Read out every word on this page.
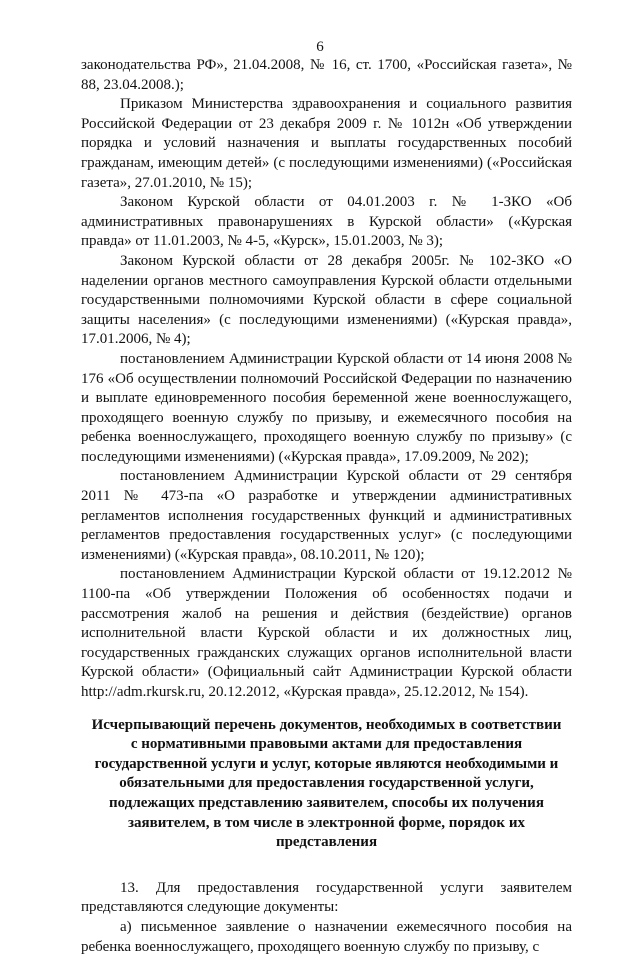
6

законодательства РФ», 21.04.2008, № 16, ст. 1700, «Российская газета», № 88, 23.04.2008.);

Приказом Министерства здравоохранения и социального развития Российской Федерации от 23 декабря 2009 г. № 1012н «Об утверждении порядка и условий назначения и выплаты государственных пособий гражданам, имеющим детей» (с последующими изменениями) («Российская газета», 27.01.2010, № 15);

Законом Курской области от 04.01.2003 г. № 1-ЗКО «Об административных правонарушениях в Курской области» («Курская правда» от 11.01.2003, № 4-5, «Курск», 15.01.2003, № 3);

Законом Курской области от 28 декабря 2005г. № 102-ЗКО «О наделении органов местного самоуправления Курской области отдельными государственными полномочиями Курской области в сфере социальной защиты населения» (с последующими изменениями) («Курская правда», 17.01.2006, № 4);

постановлением Администрации Курской области от 14 июня 2008 № 176 «Об осуществлении полномочий Российской Федерации по назначению и выплате единовременного пособия беременной жене военнослужащего, проходящего военную службу по призыву, и ежемесячного пособия на ребенка военнослужащего, проходящего военную службу по призыву» (с последующими изменениями) («Курская правда», 17.09.2009, № 202);

постановлением Администрации Курской области от 29 сентября 2011 № 473-па «О разработке и утверждении административных регламентов исполнения государственных функций и административных регламентов предоставления государственных услуг» (с последующими изменениями) («Курская правда», 08.10.2011, № 120);

постановлением Администрации Курской области от 19.12.2012 № 1100-па «Об утверждении Положения об особенностях подачи и рассмотрения жалоб на решения и действия (бездействие) органов исполнительной власти Курской области и их должностных лиц, государственных гражданских служащих органов исполнительной власти Курской области» (Официальный сайт Администрации Курской области http://adm.rkursk.ru, 20.12.2012, «Курская правда», 25.12.2012, № 154).

Исчерпывающий перечень документов, необходимых в соответствии с нормативными правовыми актами для предоставления государственной услуги и услуг, которые являются необходимыми и обязательными для предоставления государственной услуги, подлежащих представлению заявителем, способы их получения заявителем, в том числе в электронной форме, порядок их представления

13. Для предоставления государственной услуги заявителем представляются следующие документы:

а) письменное заявление о назначении ежемесячного пособия на ребенка военнослужащего, проходящего военную службу по призыву, с
